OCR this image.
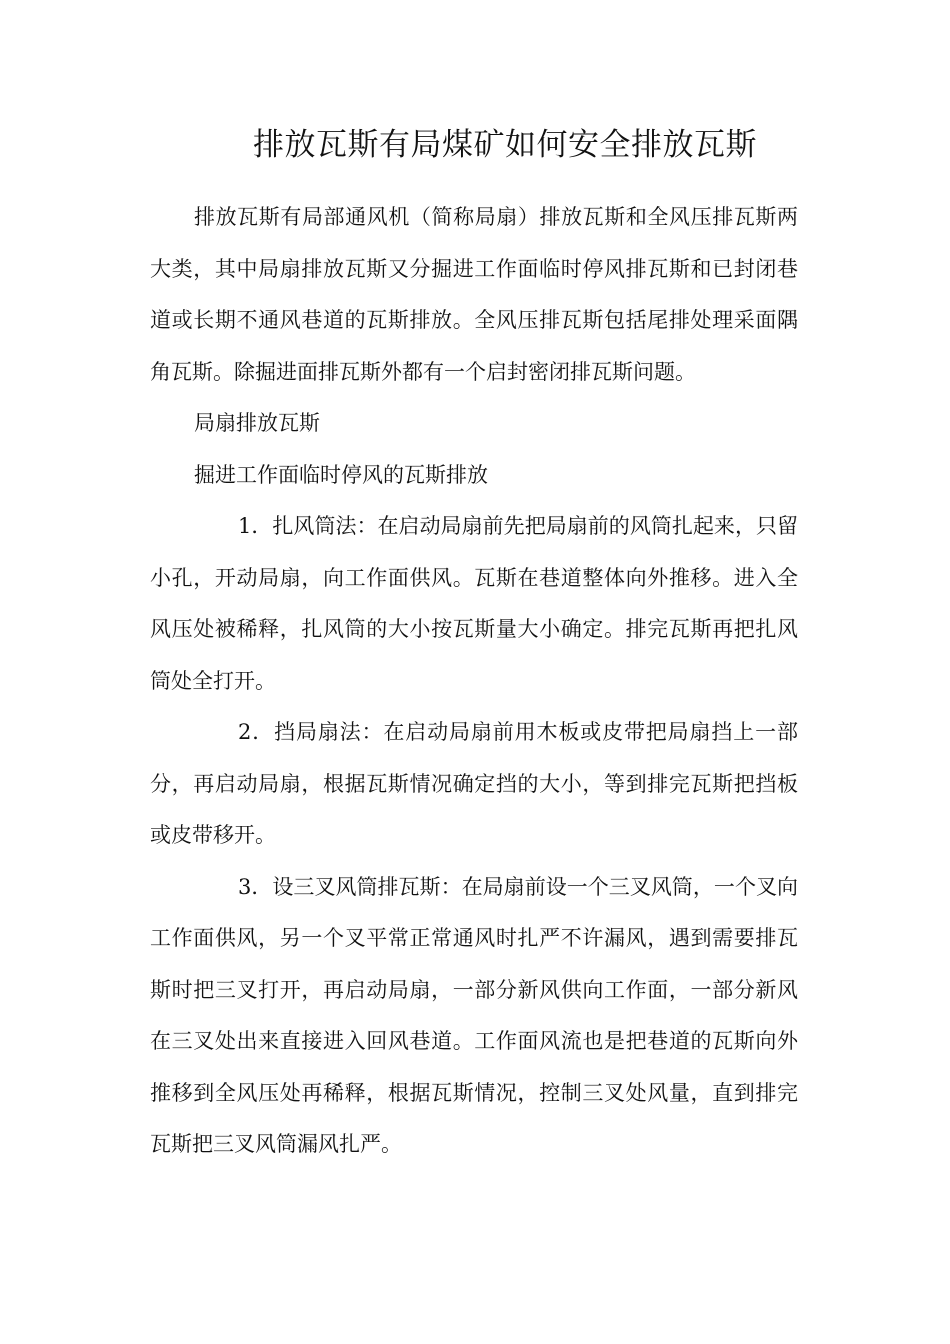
排放瓦斯有局煤矿如何安全排放瓦斯

排放瓦斯有局部通风机（简称局扇）排放瓦斯和全风压排瓦斯两大类，其中局扇排放瓦斯又分掘进工作面临时停风排瓦斯和已封闭巷道或长期不通风巷道的瓦斯排放。全风压排瓦斯包括尾排处理采面隅角瓦斯。除掘进面排瓦斯外都有一个启封密闭排瓦斯问题。

局扇排放瓦斯

掘进工作面临时停风的瓦斯排放

1．扎风筒法：在启动局扇前先把局扇前的风筒扎起来，只留小孔，开动局扇，向工作面供风。瓦斯在巷道整体向外推移。进入全风压处被稀释，扎风筒的大小按瓦斯量大小确定。排完瓦斯再把扎风筒处全打开。

2．挡局扇法：在启动局扇前用木板或皮带把局扇挡上一部分，再启动局扇，根据瓦斯情况确定挡的大小，等到排完瓦斯把挡板或皮带移开。

3．设三叉风筒排瓦斯：在局扇前设一个三叉风筒，一个叉向工作面供风，另一个叉平常正常通风时扎严不许漏风，遇到需要排瓦斯时把三叉打开，再启动局扇，一部分新风供向工作面，一部分新风在三叉处出来直接进入回风巷道。工作面风流也是把巷道的瓦斯向外推移到全风压处再稀释，根据瓦斯情况，控制三叉处风量，直到排完瓦斯把三叉风筒漏风扎严。
